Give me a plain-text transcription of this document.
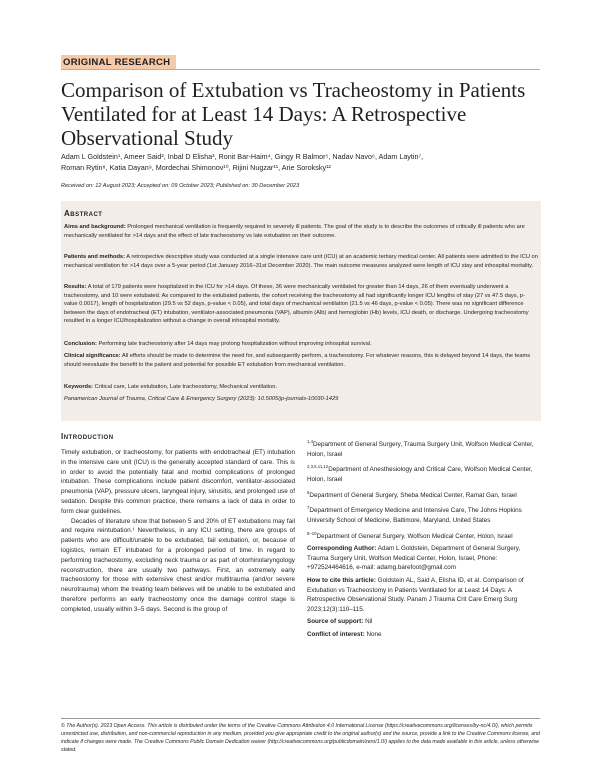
ORIGINAL RESEARCH
Comparison of Extubation vs Tracheostomy in Patients Ventilated for at Least 14 Days: A Retrospective Observational Study
Adam L Goldstein¹, Ameer Said², Inbal D Elisha³, Ronit Bar-Haim⁴, Gingy R Balmor⁵, Nadav Navo⁶, Adam Laytin⁷,
Roman Rytin⁸, Katia Dayan⁹, Mordechai Shimonov¹⁰, Rijini Nugzar¹¹, Arie Soroksky¹²
Received on: 12 August 2023; Accepted on: 09 October 2023; Published on: 30 December 2023
Abstract

Aims and background: Prolonged mechanical ventilation is frequently required in severely ill patients. The goal of the study is to describe the outcomes of critically ill patients who are mechanically ventilated for >14 days and the effect of late tracheostomy vs late extubation on their outcome.

Patients and methods: A retrospective descriptive study was conducted at a single intensive care unit (ICU) at an academic tertiary medical center. All patients were admitted to the ICU on mechanical ventilation for >14 days over a 5-year period (1st January 2016–31st December 2020). The main outcome measures analyzed were length of ICU stay and inhospital mortality.

Results: A total of 179 patients were hospitalized in the ICU for >14 days. Of these, 36 were mechanically ventilated for greater than 14 days, 26 of them eventually underwent a tracheostomy, and 10 were extubated. As compared to the extubated patients, the cohort receiving the tracheostomy all had significantly longer ICU lengths of stay (27 vs 47.5 days, p-value 0.0017), length of hospitalization (29.5 vs 52 days, p-value < 0.05), and total days of mechanical ventilation (21.5 vs 46 days, p-value < 0.05). There was no significant difference between the days of endotracheal (ET) intubation, ventilator-associated pneumonia (VAP), albumin (Alb) and hemoglobin (Hb) levels, ICU death, or discharge. Undergoing tracheostomy resulted in a longer ICU/hospitalization without a change in overall inhospital mortality.

Conclusion: Performing late tracheostomy after 14 days may prolong hospitalization without improving inhospital survival.

Clinical significance: All efforts should be made to determine the need for, and subsequently perform, a tracheostomy. For whatever reasons, this is delayed beyond 14 days, the teams should reevaluate the benefit to the patient and potential for possible ET extubation from mechanical ventilation.

Keywords: Critical care, Late extubation, Late tracheostomy, Mechanical ventilation.

Panamerican Journal of Trauma, Critical Care & Emergency Surgery (2023): 10.5005/jp-journals-10030-1429

Introduction

Timely extubation, or tracheostomy, for patients with endotracheal (ET) intubation in the intensive care unit (ICU) is the generally accepted standard of care. This is in order to avoid the potentially fatal and morbid complications of prolonged intubation. These complications include patient discomfort, ventilator-associated pneumonia (VAP), pressure ulcers, laryngeal injury, sinusitis, and prolonged use of sedation. Despite this common practice, there remains a lack of data in order to form clear guidelines.

Decades of literature show that between 5 and 20% of ET extubations may fail and require reintubation.¹ Nevertheless, in any ICU setting, there are groups of patients who are difficult/unable to be extubated, fail extubation, or, because of logistics, remain ET intubated for a prolonged period of time. In regard to performing tracheostomy, excluding neck trauma or as part of otorhinolaryngology reconstruction, there are usually two pathways. First, an extremely early tracheostomy for those with extensive chest and/or multitrauma (and/or severe neurotrauma) whom the treating team believes will be unable to be extubated and therefore performs an early tracheostomy once the damage control stage is completed, usually within 3–5 days. Second is the group of

$^{1,4}$Department of General Surgery, Trauma Surgery Unit, Wolfson Medical Center, Holon, Israel

$^{2,3,5,11,12}$Department of Anesthesiology and Critical Care, Wolfson Medical Center, Holon, Israel

$^6$Department of General Surgery, Sheba Medical Center, Ramat Gan, Israel

$^7$Department of Emergency Medicine and Intensive Care, The Johns Hopkins University School of Medicine, Baltimore, Maryland, United States

$^{8-10}$Department of General Surgery, Wolfson Medical Center, Holon, Israel

Corresponding Author: Adam L Goldstein, Department of General Surgery, Trauma Surgery Unit, Wolfson Medical Center, Holon, Israel, Phone: +972524464616, e-mail: adamg.barefoot@gmail.com

How to cite this article: Goldstein AL, Said A, Elisha ID, et al. Comparison of Extubation vs Tracheostomy in Patients Ventilated for at Least 14 Days: A Retrospective Observational Study. Panam J Trauma Crit Care Emerg Surg 2023;12(3):110–115.

Source of support: Nil

Conflict of interest: None

© The Author(s). 2023 Open Access. This article is distributed under the terms of the Creative Commons Attribution 4.0 International License (https://creativecommons.org/licenses/by-nc/4.0/), which permits unrestricted use, distribution, and non-commercial reproduction in any medium, provided you give appropriate credit to the original author(s) and the source, provide a link to the Creative Commons license, and indicate if changes were made. The Creative Commons Public Domain Dedication waiver (http://creativecommons.org/publicdomain/zero/1.0/) applies to the data made available in this article, unless otherwise stated.
